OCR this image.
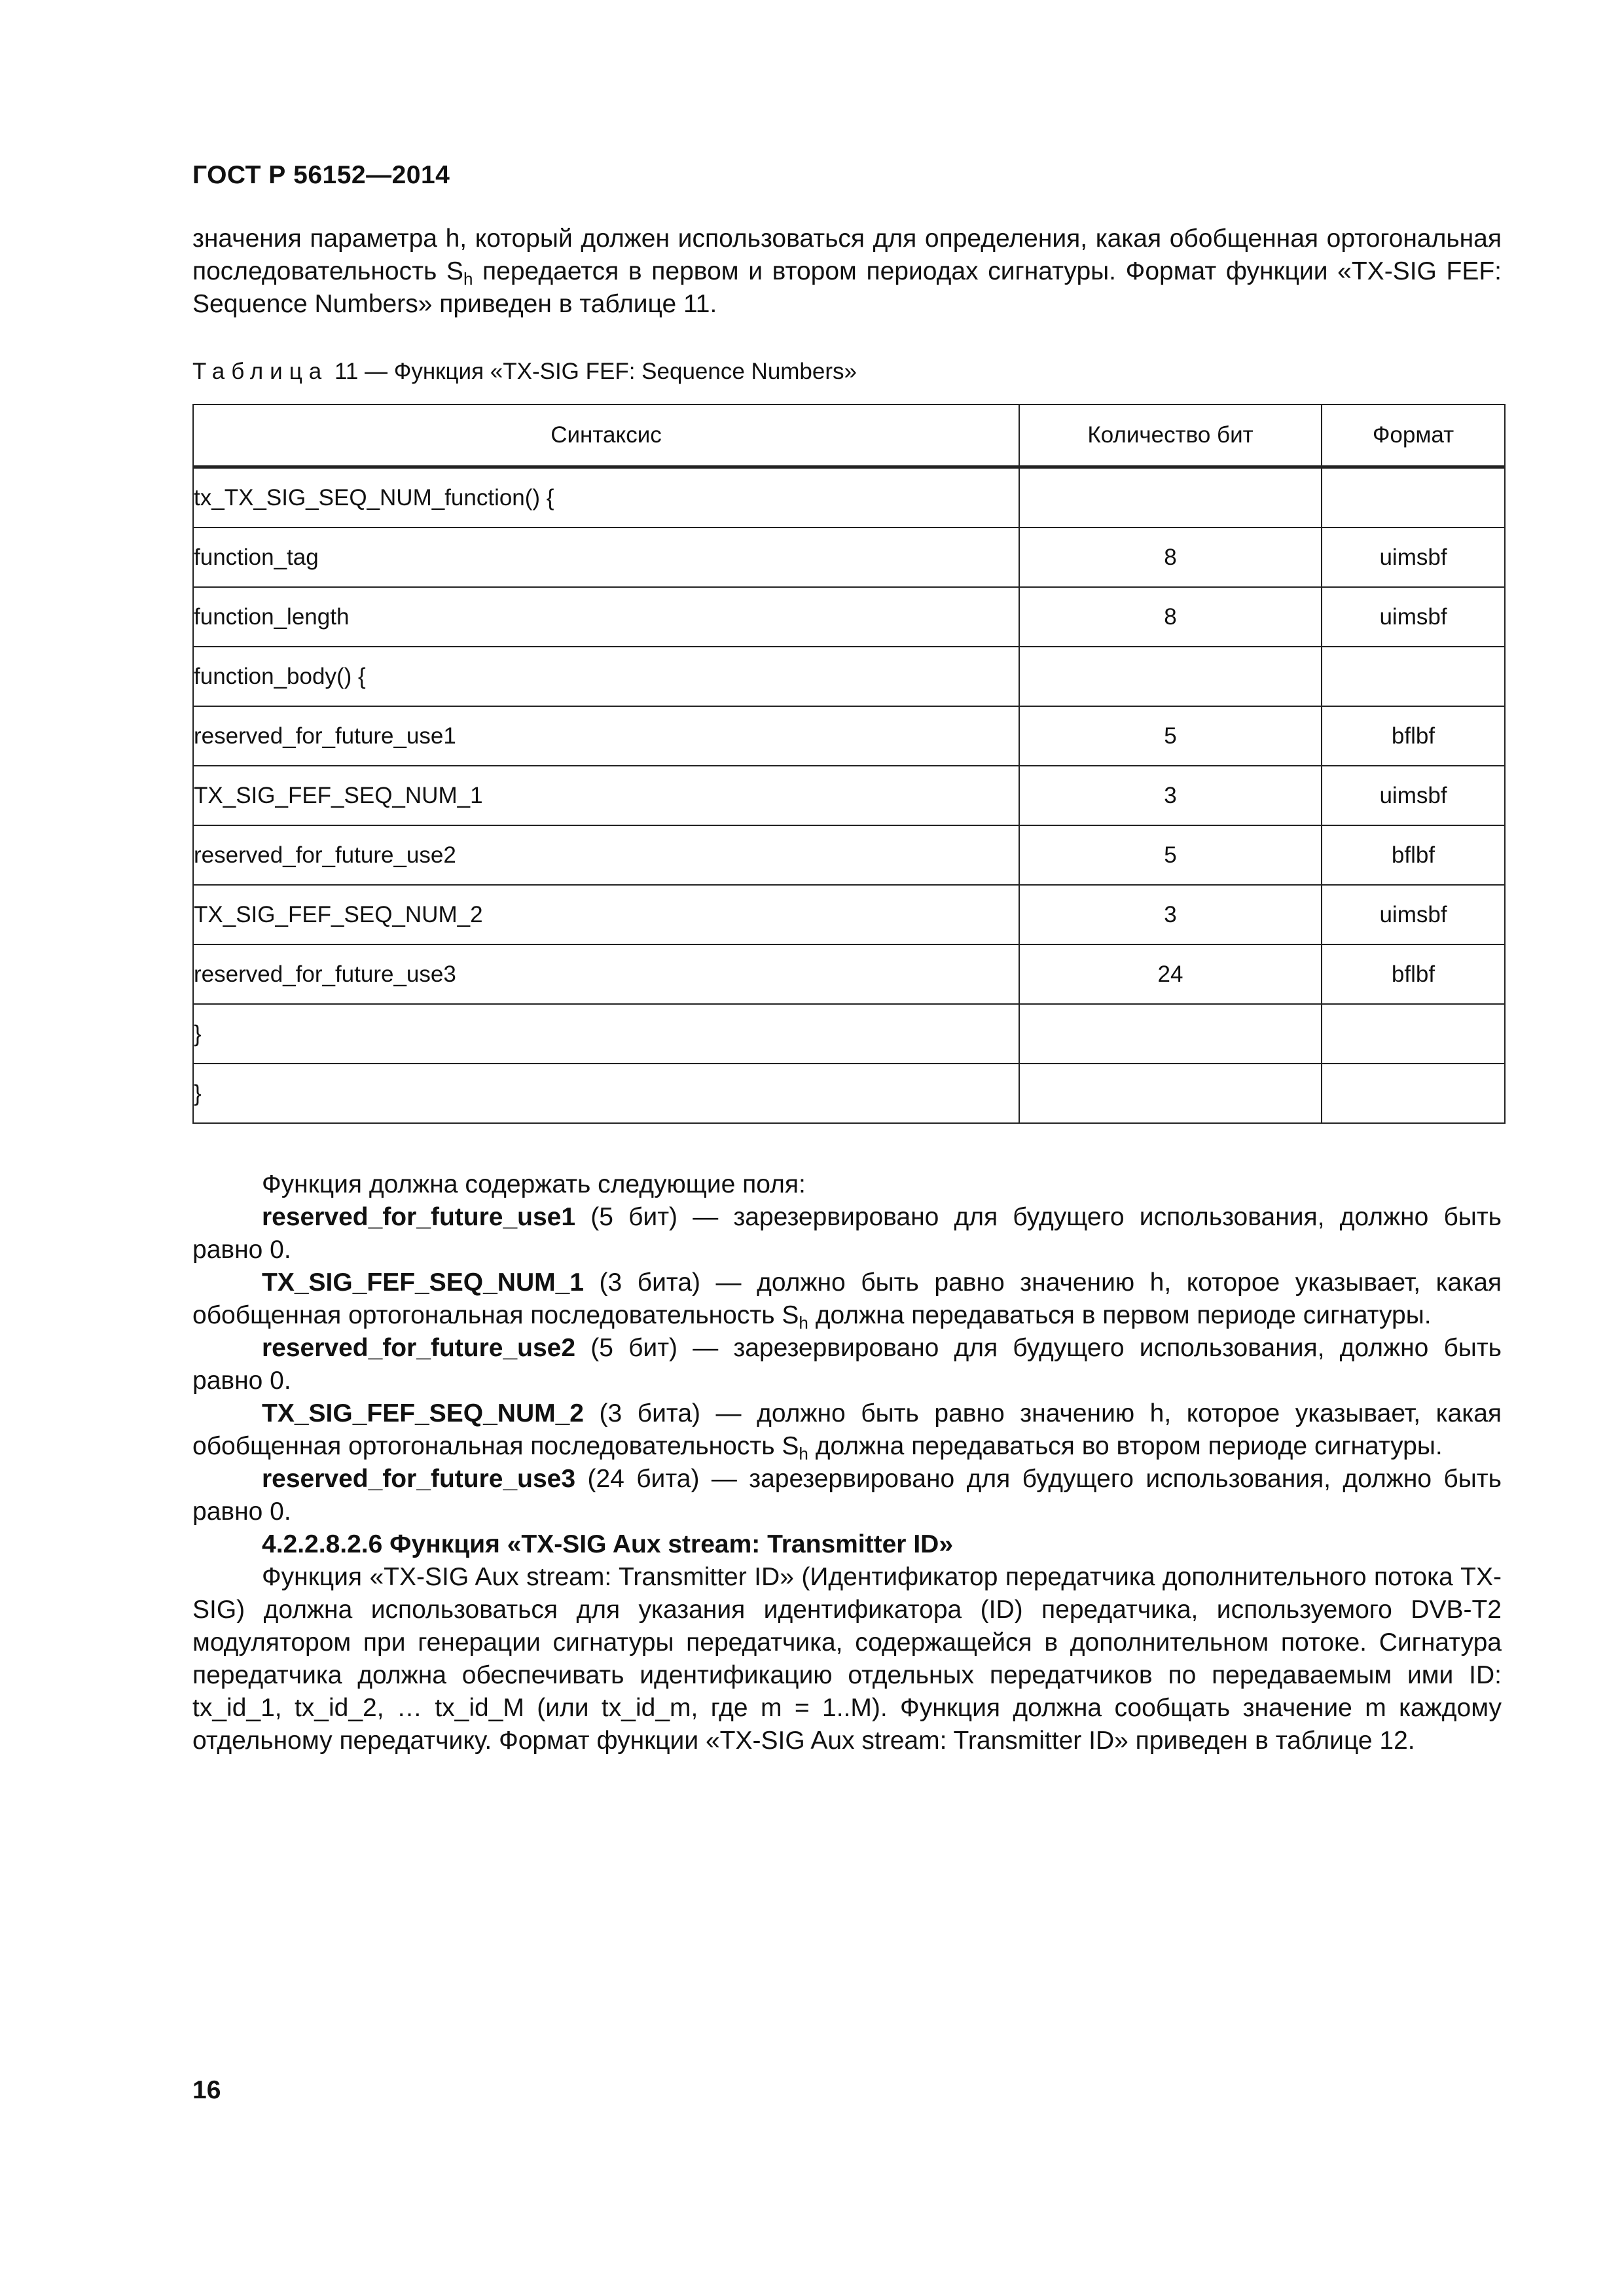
ГОСТ Р 56152—2014
значения параметра h, который должен использоваться для определения, какая обобщенная ортогональная последовательность $S_h$ передается в первом и втором периодах сигнатуры. Формат функции «TX-SIG FEF: Sequence Numbers» приведен в таблице 11.
Таблица 11 — Функция «TX-SIG FEF: Sequence Numbers»
Синтаксис	Количество бит	Формат
tx_TX_SIG_SEQ_NUM_function() {		
function_tag	8	uimsbf
function_length	8	uimsbf
function_body() {		
reserved_for_future_use1	5	bflbf
TX_SIG_FEF_SEQ_NUM_1	3	uimsbf
reserved_for_future_use2	5	bflbf
TX_SIG_FEF_SEQ_NUM_2	3	uimsbf
reserved_for_future_use3	24	bflbf
}		
}		

Функция должна содержать следующие поля:

reserved_for_future_use1 (5 бит) — зарезервировано для будущего использования, должно быть равно 0.

TX_SIG_FEF_SEQ_NUM_1 (3 бита) — должно быть равно значению h, которое указывает, какая обобщенная ортогональная последовательность $S_h$ должна передаваться в первом периоде сигнатуры.

reserved_for_future_use2 (5 бит) — зарезервировано для будущего использования, должно быть равно 0.

TX_SIG_FEF_SEQ_NUM_2 (3 бита) — должно быть равно значению h, которое указывает, какая обобщенная ортогональная последовательность $S_h$ должна передаваться во втором периоде сигнатуры.

reserved_for_future_use3 (24 бита) — зарезервировано для будущего использования, должно быть равно 0.

4.2.2.8.2.6 Функция «TX-SIG Aux stream: Transmitter ID»

Функция «TX-SIG Aux stream: Transmitter ID» (Идентификатор передатчика дополнительного потока TX-SIG) должна использоваться для указания идентификатора (ID) передатчика, используемого DVB-T2 модулятором при генерации сигнатуры передатчика, содержащейся в дополнительном потоке. Сигнатура передатчика должна обеспечивать идентификацию отдельных передатчиков по передаваемым ими ID: tx_id_1, tx_id_2, … tx_id_M (или tx_id_m, где m = 1..M). Функция должна сообщать значение m каждому отдельному передатчику. Формат функции «TX-SIG Aux stream: Transmitter ID» приведен в таблице 12.

16
